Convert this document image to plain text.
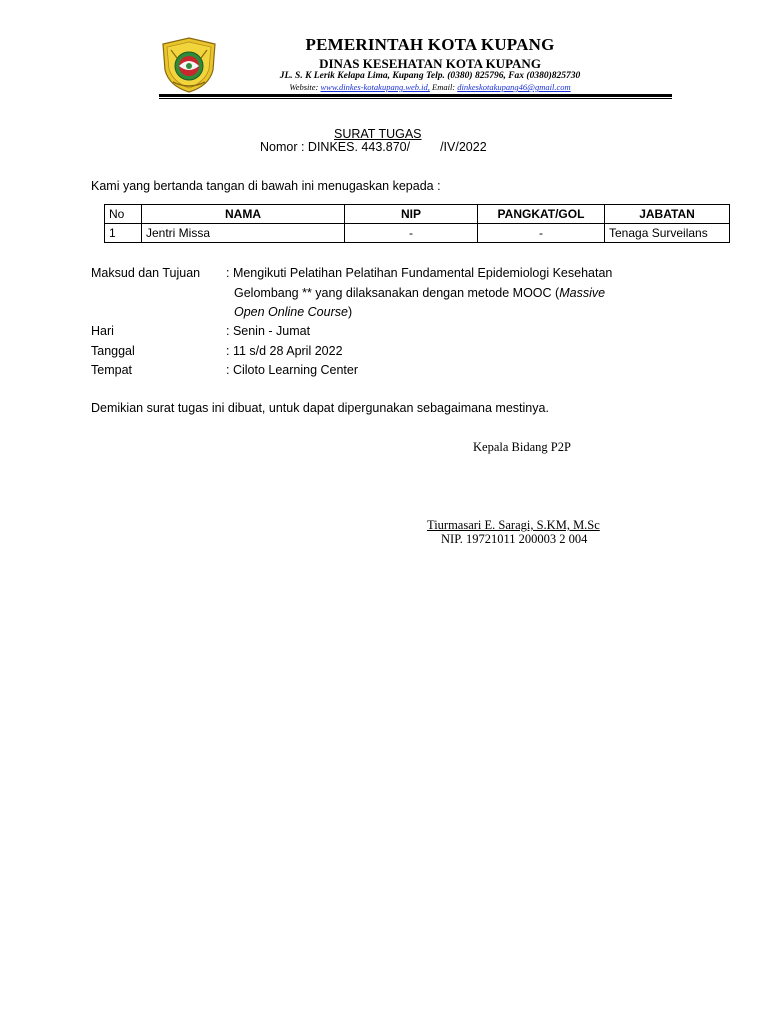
PEMERINTAH KOTA KUPANG
DINAS KESEHATAN KOTA KUPANG
JL. S. K Lerik Kelapa Lima, Kupang Telp. (0380) 825796, Fax (0380)825730
Website: www.dinkes-kotakupang.web.id, Email: dinkeskotakupang46@gmail.com
SURAT TUGAS
Nomor : DINKES. 443.870/ /IV/2022
Kami yang bertanda tangan di bawah ini menugaskan kepada :
No	NAMA	NIP	PANGKAT/GOL	JABATAN
1	Jentri Missa	-	-	Tenaga Surveilans
Maksud dan Tujuan : Mengikuti Pelatihan Pelatihan Fundamental Epidemiologi Kesehatan
Gelombang ** yang dilaksanakan dengan metode MOOC (Massive
Open Online Course)
Hari	: Senin - Jumat
Tanggal	: 11 s/d 28 April 2022
Tempat	: Ciloto Learning Center
Demikian surat tugas ini dibuat, untuk dapat dipergunakan sebagaimana mestinya.
Kepala Bidang P2P
Tiurmasari E. Saragi, S.KM, M.Sc
NIP. 19721011 200003 2 004
